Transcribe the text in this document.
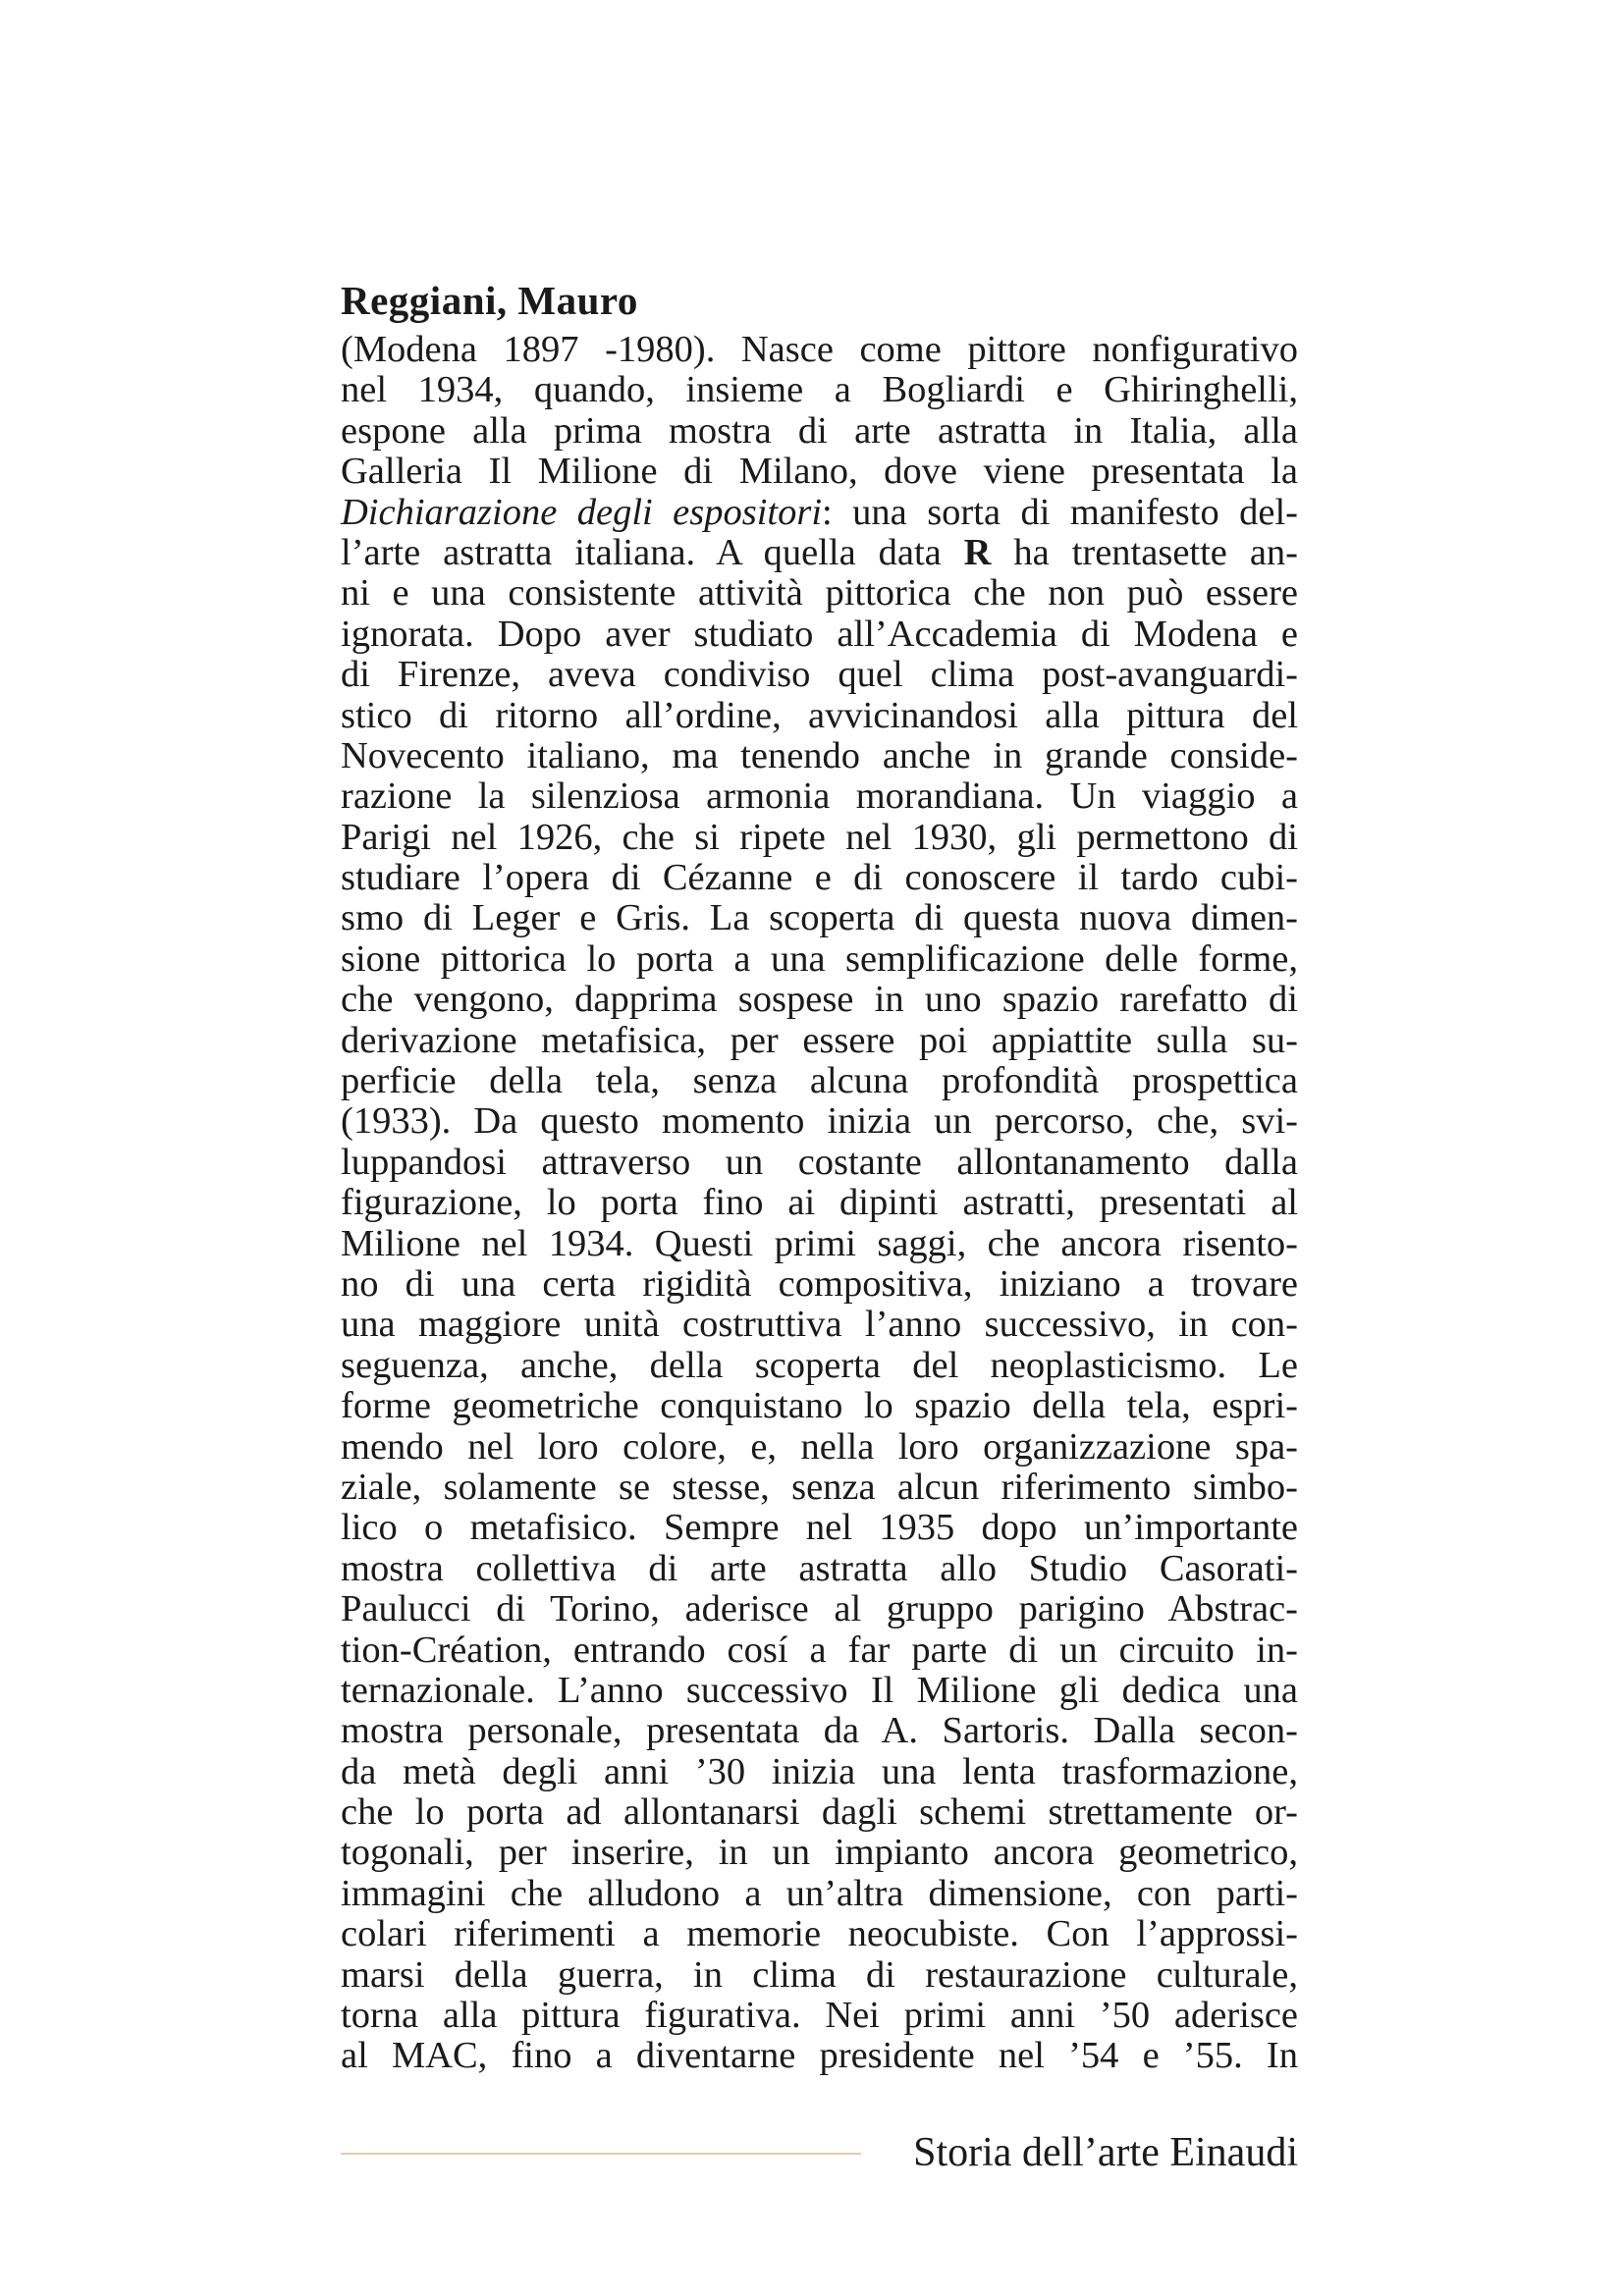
Reggiani, Mauro
(Modena 1897 -1980). Nasce come pittore nonfigurativo
nel 1934, quando, insieme a Bogliardi e Ghiringhelli,
espone alla prima mostra di arte astratta in Italia, alla
Galleria Il Milione di Milano, dove viene presentata la
Dichiarazione degli espositori: una sorta di manifesto del-
l’arte astratta italiana. A quella data R ha trentasette an-
ni e una consistente attività pittorica che non può essere
ignorata. Dopo aver studiato all’Accademia di Modena e
di Firenze, aveva condiviso quel clima post-avanguardi-
stico di ritorno all’ordine, avvicinandosi alla pittura del
Novecento italiano, ma tenendo anche in grande conside-
razione la silenziosa armonia morandiana. Un viaggio a
Parigi nel 1926, che si ripete nel 1930, gli permettono di
studiare l’opera di Cézanne e di conoscere il tardo cubi-
smo di Leger e Gris. La scoperta di questa nuova dimen-
sione pittorica lo porta a una semplificazione delle forme,
che vengono, dapprima sospese in uno spazio rarefatto di
derivazione metafisica, per essere poi appiattite sulla su-
perficie della tela, senza alcuna profondità prospettica
(1933). Da questo momento inizia un percorso, che, svi-
luppandosi attraverso un costante allontanamento dalla
figurazione, lo porta fino ai dipinti astratti, presentati al
Milione nel 1934. Questi primi saggi, che ancora risento-
no di una certa rigidità compositiva, iniziano a trovare
una maggiore unità costruttiva l’anno successivo, in con-
seguenza, anche, della scoperta del neoplasticismo. Le
forme geometriche conquistano lo spazio della tela, espri-
mendo nel loro colore, e, nella loro organizzazione spa-
ziale, solamente se stesse, senza alcun riferimento simbo-
lico o metafisico. Sempre nel 1935 dopo un’importante
mostra collettiva di arte astratta allo Studio Casorati-
Paulucci di Torino, aderisce al gruppo parigino Abstrac-
tion-Création, entrando cosí a far parte di un circuito in-
ternazionale. L’anno successivo Il Milione gli dedica una
mostra personale, presentata da A. Sartoris. Dalla secon-
da metà degli anni ’30 inizia una lenta trasformazione,
che lo porta ad allontanarsi dagli schemi strettamente or-
togonali, per inserire, in un impianto ancora geometrico,
immagini che alludono a un’altra dimensione, con parti-
colari riferimenti a memorie neocubiste. Con l’approssi-
marsi della guerra, in clima di restaurazione culturale,
torna alla pittura figurativa. Nei primi anni ’50 aderisce
al MAC, fino a diventarne presidente nel ’54 e ’55. In
Storia dell’arte Einaudi
